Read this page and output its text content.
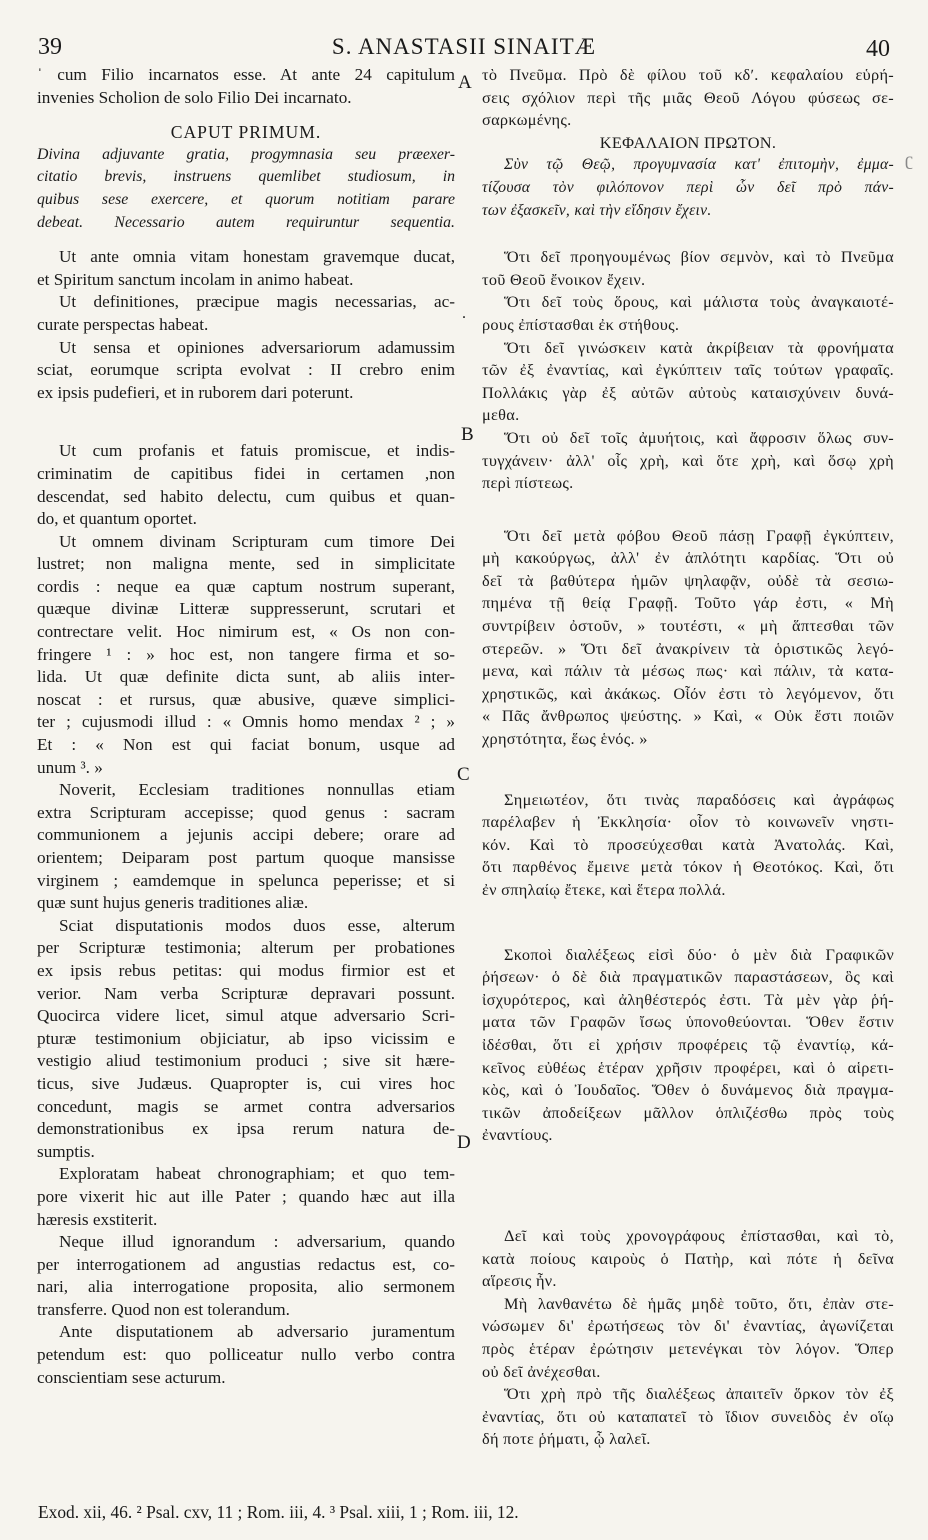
39	S. ANASTASII SINAITÆ	40
A
B
C
D
ʗ
.
ˈ cum Filio incarnatos esse. At ante 24 capitulum
invenies Scholion de solo Filio Dei incarnato.
CAPUT PRIMUM.
Divina adjuvante gratia, progymnasia seu præexer-
citatio brevis, instruens quemlibet studiosum, in
quibus sese exercere, et quorum notitiam parare
debeat. Necessario autem requiruntur sequentia.
Ut ante omnia vitam honestam gravemque ducat,
et Spiritum sanctum incolam in animo habeat.
Ut definitiones, præcipue magis necessarias, ac-
curate perspectas habeat.
Ut sensa et opiniones adversariorum adamussim
sciat, eorumque scripta evolvat : II crebro enim
ex ipsis pudefieri, et in ruborem dari poterunt.
Ut cum profanis et fatuis promiscue, et indis-
criminatim de capitibus fidei in certamen ,non
descendat, sed habito delectu, cum quibus et quan-
do, et quantum oportet.
Ut omnem divinam Scripturam cum timore Dei
lustret; non maligna mente, sed in simplicitate
cordis : neque ea quæ captum nostrum superant,
quæque divinæ Litteræ suppresserunt, scrutari et
contrectare velit. Hoc nimirum est, « Os non con-
fringere ¹ : » hoc est, non tangere firma et so-
lida. Ut quæ definite dicta sunt, ab aliis inter-
noscat : et rursus, quæ abusive, quæve simplici-
ter ; cujusmodi illud : « Omnis homo mendax ² ; »
Et : « Non est qui faciat bonum, usque ad
unum ³. »
Noverit, Ecclesiam traditiones nonnullas etiam
extra Scripturam accepisse; quod genus : sacram
communionem a jejunis accipi debere; orare ad
orientem; Deiparam post partum quoque mansisse
virginem ; eamdemque in spelunca peperisse; et si
quæ sunt hujus generis traditiones aliæ.
Sciat disputationis modos duos esse, alterum
per Scripturæ testimonia; alterum per probationes
ex ipsis rebus petitas: qui modus firmior est et
verior. Nam verba Scripturæ depravari possunt.
Quocirca videre licet, simul atque adversario Scri-
pturæ testimonium objiciatur, ab ipso vicissim e
vestigio aliud testimonium produci ; sive sit hære-
ticus, sive Judæus. Quapropter is, cui vires hoc
concedunt, magis se armet contra adversarios
demonstrationibus ex ipsa rerum natura de-
sumptis.
Exploratam habeat chronographiam; et quo tem-
pore vixerit hic aut ille Pater ; quando hæc aut illa
hæresis exstiterit.
Neque illud ignorandum : adversarium, quando
per interrogationem ad angustias redactus est, co-
nari, alia interrogatione proposita, alio sermonem
transferre. Quod non est tolerandum.
Ante disputationem ab adversario juramentum
petendum est: quo polliceatur nullo verbo contra
conscientiam sese acturum.
τὸ Πνεῦμα. Πρὸ δὲ φίλου τοῦ κδʹ. κεφαλαίου εὑρή-
σεις σχόλιον περὶ τῆς μιᾶς Θεοῦ Λόγου φύσεως σε-
σαρκωμένης.
ΚΕΦΑΛΑΙΟΝ ΠΡΩΤΟΝ.
Σὺν τῷ Θεῷ, προγυμνασία κατ' ἐπιτομὴν, ἐμμα-
τίζουσα τὸν φιλόπονον περὶ ὧν δεῖ πρὸ πάν-
των ἐξασκεῖν, καὶ τὴν εἴδησιν ἔχειν.
Ὅτι δεῖ προηγουμένως βίον σεμνὸν, καὶ τὸ Πνεῦμα
τοῦ Θεοῦ ἔνοικον ἔχειν.
Ὅτι δεῖ τοὺς ὅρους, καὶ μάλιστα τοὺς ἀναγκαιοτέ-
ρους ἐπίστασθαι ἐκ στήθους.
Ὅτι δεῖ γινώσκειν κατὰ ἀκρίβειαν τὰ φρονήματα
τῶν ἐξ ἐναντίας, καὶ ἐγκύπτειν ταῖς τούτων γραφαῖς.
Πολλάκις γὰρ ἐξ αὐτῶν αὐτοὺς καταισχύνειν δυνά-
μεθα.
Ὅτι οὐ δεῖ τοῖς ἀμυήτοις, καὶ ἄφροσιν ὅλως συν-
τυγχάνειν· ἀλλ' οἷς χρὴ, καὶ ὅτε χρὴ, καὶ ὅσῳ χρὴ
περὶ πίστεως.
Ὅτι δεῖ μετὰ φόβου Θεοῦ πάσῃ Γραφῇ ἐγκύπτειν,
μὴ κακούργως, ἀλλ' ἐν ἁπλότητι καρδίας. Ὅτι οὐ
δεῖ τὰ βαθύτερα ἡμῶν ψηλαφᾷν, οὐδὲ τὰ σεσιω-
πημένα τῇ θείᾳ Γραφῇ. Τοῦτο γάρ ἐστι, « Μὴ
συντρίβειν ὀστοῦν, » τουτέστι, « μὴ ἅπτεσθαι τῶν
στερεῶν. » Ὅτι δεῖ ἀνακρίνειν τὰ ὁριστικῶς λεγό-
μενα, καὶ πάλιν τὰ μέσως πως· καὶ πάλιν, τὰ κατα-
χρηστικῶς, καὶ ἀκάκως. Οἷόν ἐστι τὸ λεγόμενον, ὅτι
« Πᾶς ἄνθρωπος ψεύστης. » Καὶ, « Οὐκ ἔστι ποιῶν
χρηστότητα, ἕως ἑνός. »
Σημειωτέον, ὅτι τινὰς παραδόσεις καὶ ἀγράφως
παρέλαβεν ἡ Ἐκκλησία· οἷον τὸ κοινωνεῖν νηστι-
κόν. Καὶ τὸ προσεύχεσθαι κατὰ Ἀνατολάς. Καὶ,
ὅτι παρθένος ἔμεινε μετὰ τόκον ἡ Θεοτόκος. Καὶ, ὅτι
ἐν σπηλαίῳ ἔτεκε, καὶ ἕτερα πολλά.
Σκοποὶ διαλέξεως εἰσὶ δύο· ὁ μὲν διὰ Γραφικῶν
ῥήσεων· ὁ δὲ διὰ πραγματικῶν παραστάσεων, ὃς καὶ
ἰσχυρότερος, καὶ ἀληθέστερός ἐστι. Τὰ μὲν γὰρ ῥή-
ματα τῶν Γραφῶν ἴσως ὑπονοθεύονται. Ὅθεν ἔστιν
ἰδέσθαι, ὅτι εἰ χρήσιν προφέρεις τῷ ἐναντίῳ, κά-
κεῖνος εὐθέως ἑτέραν χρῆσιν προφέρει, καὶ ὁ αἱρετι-
κὸς, καὶ ὁ Ἰουδαῖος. Ὅθεν ὁ δυνάμενος διὰ πραγμα-
τικῶν ἀποδείξεων μᾶλλον ὁπλιζέσθω πρὸς τοὺς
ἐναντίους.
Δεῖ καὶ τοὺς χρονογράφους ἐπίστασθαι, καὶ τὸ,
κατὰ ποίους καιροὺς ὁ Πατὴρ, καὶ πότε ἡ δεῖνα
αἵρεσις ἦν.
Μὴ λανθανέτω δὲ ἡμᾶς μηδὲ τοῦτο, ὅτι, ἐπὰν στε-
νώσωμεν δι' ἐρωτήσεως τὸν δι' ἐναντίας, ἀγωνίζεται
πρὸς ἑτέραν ἐρώτησιν μετενέγκαι τὸν λόγον. Ὅπερ
οὐ δεῖ ἀνέχεσθαι.
Ὅτι χρὴ πρὸ τῆς διαλέξεως ἀπαιτεῖν ὅρκον τὸν ἐξ
ἐναντίας, ὅτι οὐ καταπατεῖ τὸ ἴδιον συνειδὸς ἐν οἵῳ
δή ποτε ῥήματι, ᾧ λαλεῖ.
Exod. xii, 46. ² Psal. cxv, 11 ; Rom. iii, 4. ³ Psal. xiii, 1 ; Rom. iii, 12.
